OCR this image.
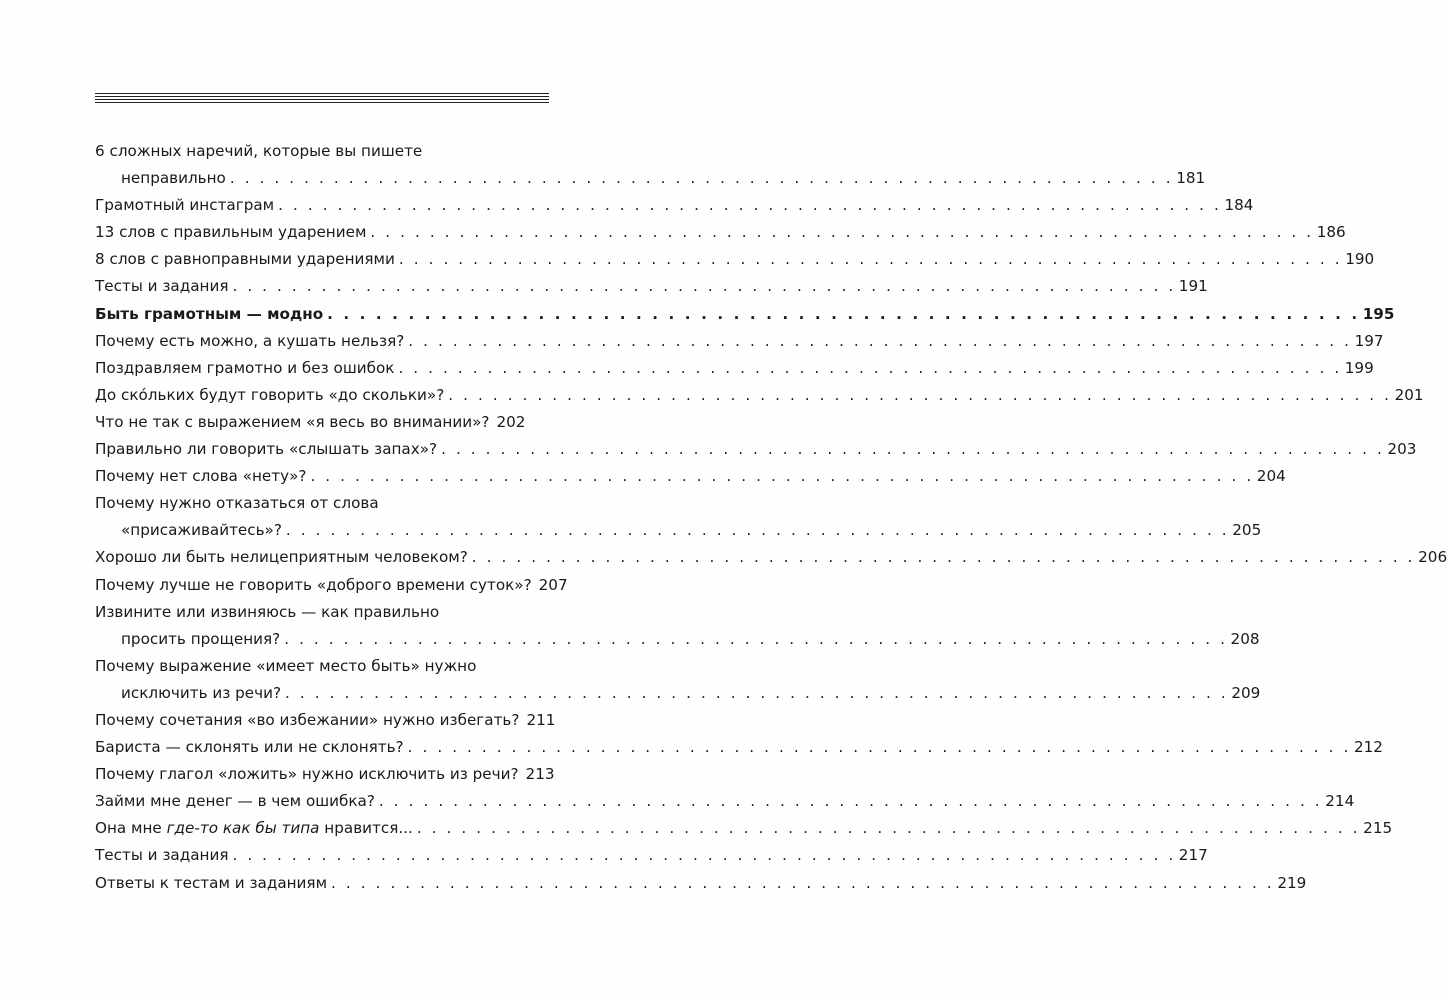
6 сложных наречий, которые вы пишете
неправильно . . . . . . . . . . . . . . . . . . . . . . . . . . . . . . . . . . . . . . . . . . . . . . . . . . . . . . . . . . . . . . . . 181
Грамотный инстаграм . . . . . . . . . . . . . . . . . . . . . . . . . . . . . . . . . . . . . . . . . . . . . . . . . . . . . . . . . . . . . . . . 184
13 слов с правильным ударением . . . . . . . . . . . . . . . . . . . . . . . . . . . . . . . . . . . . . . . . . . . . . . . . . . . . . . . . . . . . . . . . 186
8 слов с равноправными ударениями . . . . . . . . . . . . . . . . . . . . . . . . . . . . . . . . . . . . . . . . . . . . . . . . . . . . . . . . . . . . . . . . 190
Тесты и задания . . . . . . . . . . . . . . . . . . . . . . . . . . . . . . . . . . . . . . . . . . . . . . . . . . . . . . . . . . . . . . . . 191
Быть грамотным — модно . . . . . . . . . . . . . . . . . . . . . . . . . . . . . . . . . . . . . . . . . . . . . . . . . . . . . . . . . . . . . . . . 195
Почему есть можно, а кушать нельзя? . . . . . . . . . . . . . . . . . . . . . . . . . . . . . . . . . . . . . . . . . . . . . . . . . . . . . . . . . . . . . . . . 197
Поздравляем грамотно и без ошибок . . . . . . . . . . . . . . . . . . . . . . . . . . . . . . . . . . . . . . . . . . . . . . . . . . . . . . . . . . . . . . . . 199
До ско́льких будут говорить «до скольки»? . . . . . . . . . . . . . . . . . . . . . . . . . . . . . . . . . . . . . . . . . . . . . . . . . . . . . . . . . . . . . . . . 201
Что не так с выражением «я весь во внимании»? 202
Правильно ли говорить «слышать запах»? . . . . . . . . . . . . . . . . . . . . . . . . . . . . . . . . . . . . . . . . . . . . . . . . . . . . . . . . . . . . . . . . 203
Почему нет слова «нету»? . . . . . . . . . . . . . . . . . . . . . . . . . . . . . . . . . . . . . . . . . . . . . . . . . . . . . . . . . . . . . . . . 204
Почему нужно отказаться от слова
«присаживайтесь»? . . . . . . . . . . . . . . . . . . . . . . . . . . . . . . . . . . . . . . . . . . . . . . . . . . . . . . . . . . . . . . . . 205
Хорошо ли быть нелицеприятным человеком? . . . . . . . . . . . . . . . . . . . . . . . . . . . . . . . . . . . . . . . . . . . . . . . . . . . . . . . . . . . . . . . . 206
Почему лучше не говорить «доброго времени суток»? 207
Извините или извиняюсь — как правильно
просить прощения? . . . . . . . . . . . . . . . . . . . . . . . . . . . . . . . . . . . . . . . . . . . . . . . . . . . . . . . . . . . . . . . . 208
Почему выражение «имеет место быть» нужно
исключить из речи? . . . . . . . . . . . . . . . . . . . . . . . . . . . . . . . . . . . . . . . . . . . . . . . . . . . . . . . . . . . . . . . . 209
Почему сочетания «во избежании» нужно избегать? 211
Бариста — склонять или не склонять? . . . . . . . . . . . . . . . . . . . . . . . . . . . . . . . . . . . . . . . . . . . . . . . . . . . . . . . . . . . . . . . . 212
Почему глагол «ложить» нужно исключить из речи? 213
Займи мне денег — в чем ошибка? . . . . . . . . . . . . . . . . . . . . . . . . . . . . . . . . . . . . . . . . . . . . . . . . . . . . . . . . . . . . . . . . 214
Она мне где-то как бы типа нравится... . . . . . . . . . . . . . . . . . . . . . . . . . . . . . . . . . . . . . . . . . . . . . . . . . . . . . . . . . . . . . . . . 215
Тесты и задания . . . . . . . . . . . . . . . . . . . . . . . . . . . . . . . . . . . . . . . . . . . . . . . . . . . . . . . . . . . . . . . . 217
Ответы к тестам и заданиям . . . . . . . . . . . . . . . . . . . . . . . . . . . . . . . . . . . . . . . . . . . . . . . . . . . . . . . . . . . . . . . . 219
